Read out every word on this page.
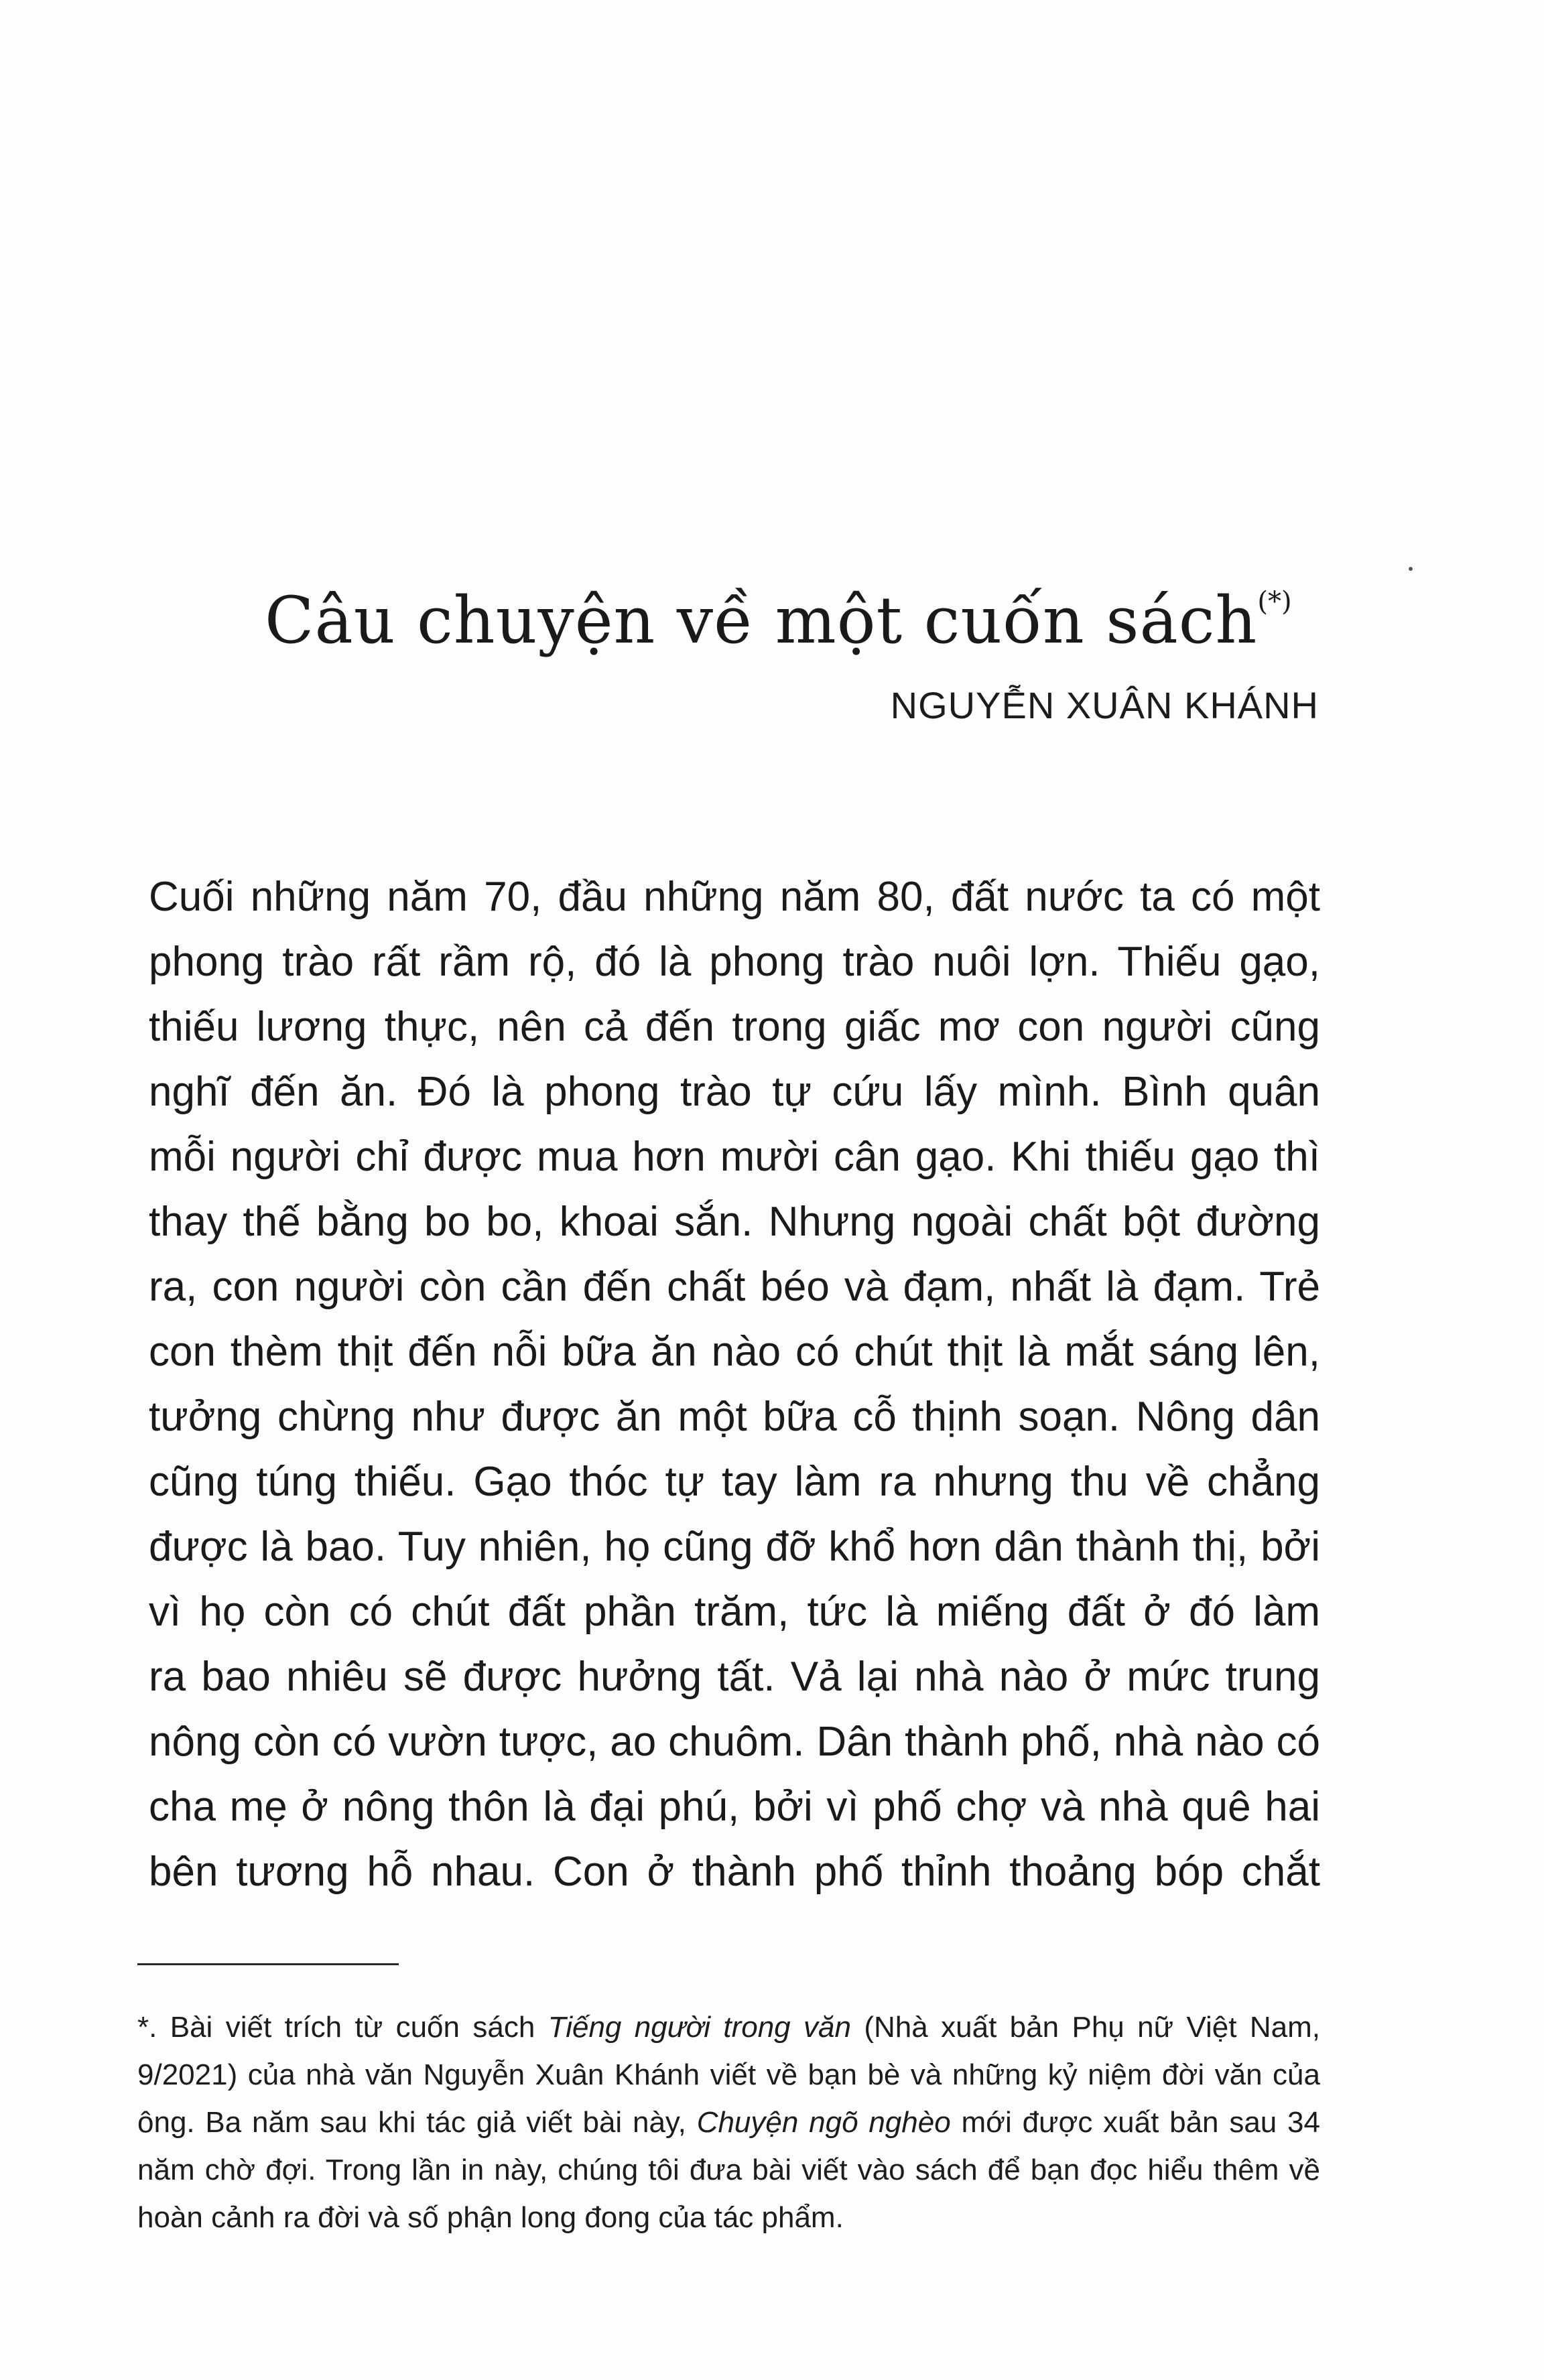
Câu chuyện về một cuốn sách(*)
NGUYỄN XUÂN KHÁNH
Cuối những năm 70, đầu những năm 80, đất nước ta có một
phong trào rất rầm rộ, đó là phong trào nuôi lợn. Thiếu gạo,
thiếu lương thực, nên cả đến trong giấc mơ con người cũng
nghĩ đến ăn. Đó là phong trào tự cứu lấy mình. Bình quân
mỗi người chỉ được mua hơn mười cân gạo. Khi thiếu gạo thì
thay thế bằng bo bo, khoai sắn. Nhưng ngoài chất bột đường
ra, con người còn cần đến chất béo và đạm, nhất là đạm. Trẻ
con thèm thịt đến nỗi bữa ăn nào có chút thịt là mắt sáng lên,
tưởng chừng như được ăn một bữa cỗ thịnh soạn. Nông dân
cũng túng thiếu. Gạo thóc tự tay làm ra nhưng thu về chẳng
được là bao. Tuy nhiên, họ cũng đỡ khổ hơn dân thành thị, bởi
vì họ còn có chút đất phần trăm, tức là miếng đất ở đó làm
ra bao nhiêu sẽ được hưởng tất. Vả lại nhà nào ở mức trung
nông còn có vườn tược, ao chuôm. Dân thành phố, nhà nào có
cha mẹ ở nông thôn là đại phú, bởi vì phố chợ và nhà quê hai
bên tương hỗ nhau. Con ở thành phố thỉnh thoảng bóp chắt
*. Bài viết trích từ cuốn sách Tiếng người trong văn (Nhà xuất bản Phụ nữ Việt Nam,
9/2021) của nhà văn Nguyễn Xuân Khánh viết về bạn bè và những kỷ niệm đời văn của
ông. Ba năm sau khi tác giả viết bài này, Chuyện ngõ nghèo mới được xuất bản sau 34
năm chờ đợi. Trong lần in này, chúng tôi đưa bài viết vào sách để bạn đọc hiểu thêm về
hoàn cảnh ra đời và số phận long đong của tác phẩm.
